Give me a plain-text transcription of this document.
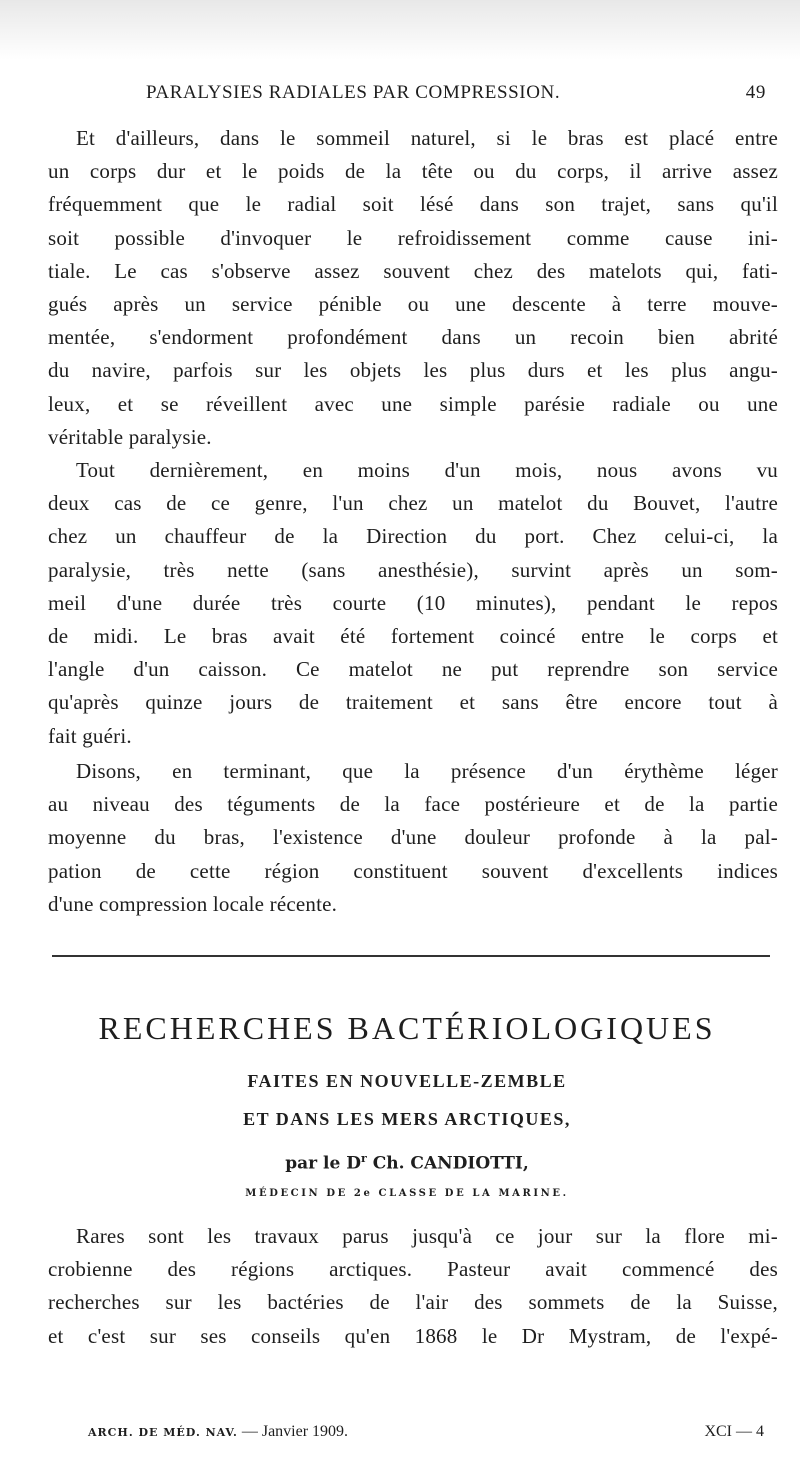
PARALYSIES RADIALES PAR COMPRESSION.	49
Et d'ailleurs, dans le sommeil naturel, si le bras est placé entre
un corps dur et le poids de la tête ou du corps, il arrive assez
fréquemment que le radial soit lésé dans son trajet, sans qu'il
soit possible d'invoquer le refroidissement comme cause ini-
tiale. Le cas s'observe assez souvent chez des matelots qui, fati-
gués après un service pénible ou une descente à terre mouve-
mentée, s'endorment profondément dans un recoin bien abrité
du navire, parfois sur les objets les plus durs et les plus angu-
leux, et se réveillent avec une simple parésie radiale ou une
véritable paralysie.
Tout dernièrement, en moins d'un mois, nous avons vu
deux cas de ce genre, l'un chez un matelot du Bouvet, l'autre
chez un chauffeur de la Direction du port. Chez celui-ci, la
paralysie, très nette (sans anesthésie), survint après un som-
meil d'une durée très courte (10 minutes), pendant le repos
de midi. Le bras avait été fortement coincé entre le corps et
l'angle d'un caisson. Ce matelot ne put reprendre son service
qu'après quinze jours de traitement et sans être encore tout à
fait guéri.
Disons, en terminant, que la présence d'un érythème léger
au niveau des téguments de la face postérieure et de la partie
moyenne du bras, l'existence d'une douleur profonde à la pal-
pation de cette région constituent souvent d'excellents indices
d'une compression locale récente.
RECHERCHES BACTÉRIOLOGIQUES
FAITES EN NOUVELLE-ZEMBLE
ET DANS LES MERS ARCTIQUES,
par le $D^r$ Ch. CANDIOTTI,
MÉDECIN DE 2e CLASSE DE LA MARINE.
Rares sont les travaux parus jusqu'à ce jour sur la flore mi-
crobienne des régions arctiques. Pasteur avait commencé des
recherches sur les bactéries de l'air des sommets de la Suisse,
et c'est sur ses conseils qu'en 1868 le Dr Mystram, de l'expé-
ARCH. DE MÉD. NAV. — Janvier 1909.	XCI — 4
